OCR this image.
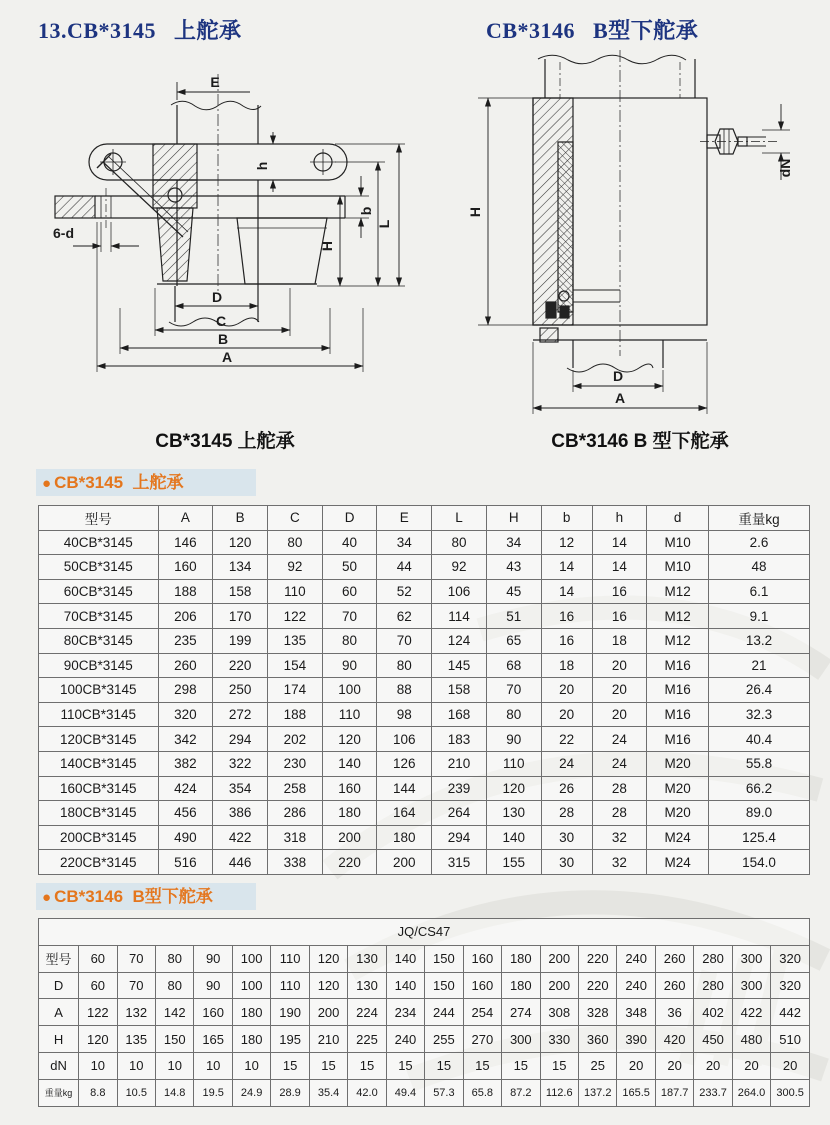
13.CB*3145   上舵承	CB*3146   B型下舵承
E
h
6-d
b
H
L
D
C
B
A
H
dN
D
A
CB*3145 上舵承	CB*3146 B 型下舵承
● CB*3145  上舵承
型号	A	B	C	D	E	L	H	b	h	d	重量kg
40CB*3145	146	120	80	40	34	80	34	12	14	M10	2.6
50CB*3145	160	134	92	50	44	92	43	14	14	M10	48
60CB*3145	188	158	110	60	52	106	45	14	16	M12	6.1
70CB*3145	206	170	122	70	62	114	51	16	16	M12	9.1
80CB*3145	235	199	135	80	70	124	65	16	18	M12	13.2
90CB*3145	260	220	154	90	80	145	68	18	20	M16	21
100CB*3145	298	250	174	100	88	158	70	20	20	M16	26.4
110CB*3145	320	272	188	110	98	168	80	20	20	M16	32.3
120CB*3145	342	294	202	120	106	183	90	22	24	M16	40.4
140CB*3145	382	322	230	140	126	210	110	24	24	M20	55.8
160CB*3145	424	354	258	160	144	239	120	26	28	M20	66.2
180CB*3145	456	386	286	180	164	264	130	28	28	M20	89.0
200CB*3145	490	422	318	200	180	294	140	30	32	M24	125.4
220CB*3145	516	446	338	220	200	315	155	30	32	M24	154.0
● CB*3146  B型下舵承
JQ/CS47																			
型号	60	70	80	90	100	110	120	130	140	150	160	180	200	220	240	260	280	300	320
D	60	70	80	90	100	110	120	130	140	150	160	180	200	220	240	260	280	300	320
A	122	132	142	160	180	190	200	224	234	244	254	274	308	328	348	36	402	422	442
H	120	135	150	165	180	195	210	225	240	255	270	300	330	360	390	420	450	480	510
dN	10	10	10	10	10	15	15	15	15	15	15	15	15	25	20	20	20	20	20
重量kg	8.8	10.5	14.8	19.5	24.9	28.9	35.4	42.0	49.4	57.3	65.8	87.2	112.6	137.2	165.5	187.7	233.7	264.0	300.5
